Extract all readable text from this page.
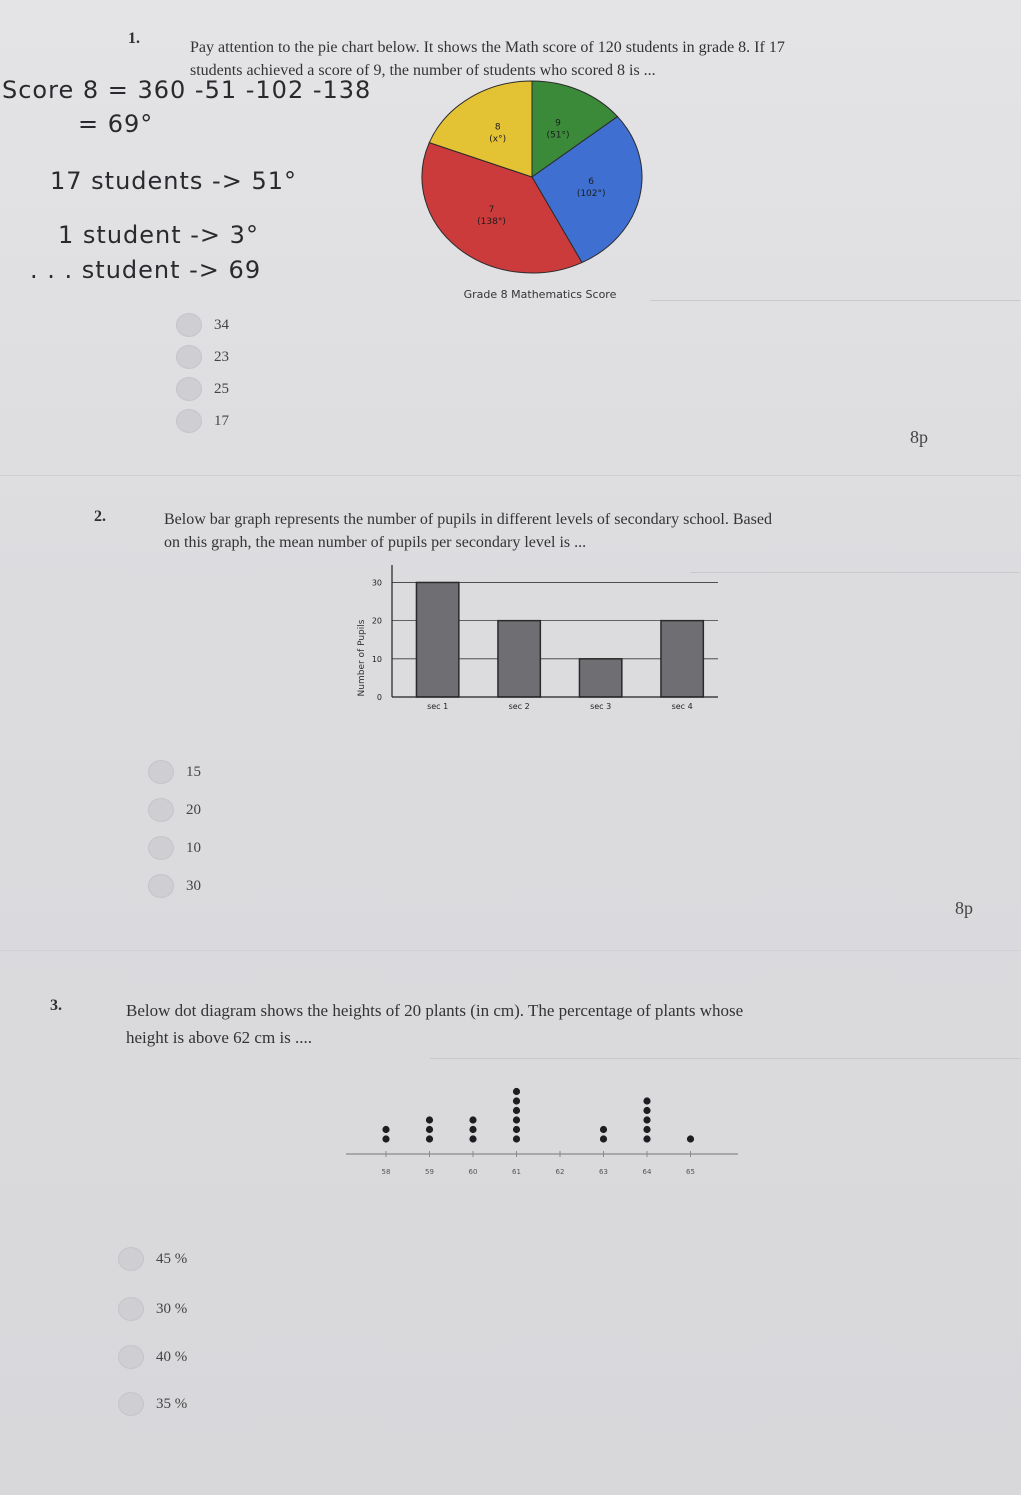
1.
Pay attention to the pie chart below. It shows the Math score of 120 students in grade 8. If 17
students achieved a score of 9, the number of students who scored 8 is ...
Score 8 = 360 -51 -102 -138
= 69°
17 students -> 51°
1 student -> 3°
. . . student -> 69
9
(51°)
6
(102°)
7
(138°)
8
(x°)
Grade 8 Mathematics Score
34
23
25
17
8p
2.	Below bar graph represents the number of pupils in different levels of secondary school. Based
on this graph, the mean number of pupils per secondary level is ...
Number of Pupils
0
10
20
30
sec 1	sec 2	sec 3	sec 4
15
20
10
30
8p
3.	Below dot diagram shows the heights of 20 plants (in cm). The percentage of plants whose
height is above 62 cm is ....
58	59	60	61	62	63	64	65
45 %
30 %
40 %
35 %
